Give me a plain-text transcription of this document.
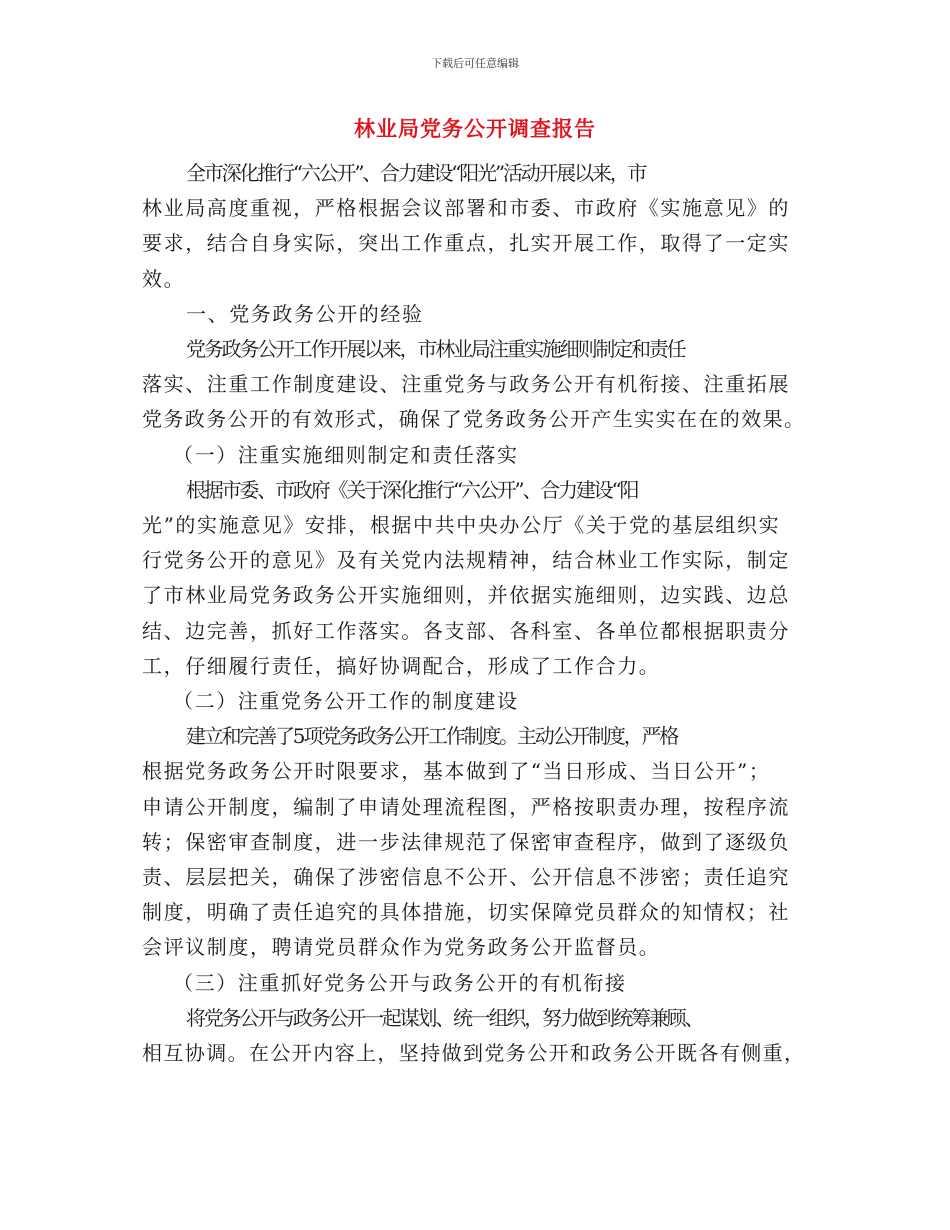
下载后可任意编辑
林业局党务公开调查报告
全市深化推行“六公开”、合力建设“阳光”活动开展以来，市
林业局高度重视，严格根据会议部署和市委、市政府《实施意见》的
要求，结合自身实际，突出工作重点，扎实开展工作，取得了一定实
效。
一、党务政务公开的经验
党务政务公开工作开展以来，市林业局注重实施细则制定和责任
落实、注重工作制度建设、注重党务与政务公开有机衔接、注重拓展
党务政务公开的有效形式，确保了党务政务公开产生实实在在的效果。
（一）注重实施细则制定和责任落实
根据市委、市政府《关于深化推行“六公开”、合力建设“阳
光”的实施意见》安排，根据中共中央办公厅《关于党的基层组织实
行党务公开的意见》及有关党内法规精神，结合林业工作实际，制定
了市林业局党务政务公开实施细则，并依据实施细则，边实践、边总
结、边完善，抓好工作落实。各支部、各科室、各单位都根据职责分
工，仔细履行责任，搞好协调配合，形成了工作合力。
（二）注重党务公开工作的制度建设
建立和完善了5项党务政务公开工作制度。主动公开制度，严格
根据党务政务公开时限要求，基本做到了“当日形成、当日公开”；
申请公开制度，编制了申请处理流程图，严格按职责办理，按程序流
转；保密审查制度，进一步法律规范了保密审查程序，做到了逐级负
责、层层把关，确保了涉密信息不公开、公开信息不涉密；责任追究
制度，明确了责任追究的具体措施，切实保障党员群众的知情权；社
会评议制度，聘请党员群众作为党务政务公开监督员。
（三）注重抓好党务公开与政务公开的有机衔接
将党务公开与政务公开一起谋划、统一组织，努力做到统筹兼顾、
相互协调。在公开内容上，坚持做到党务公开和政务公开既各有侧重，
